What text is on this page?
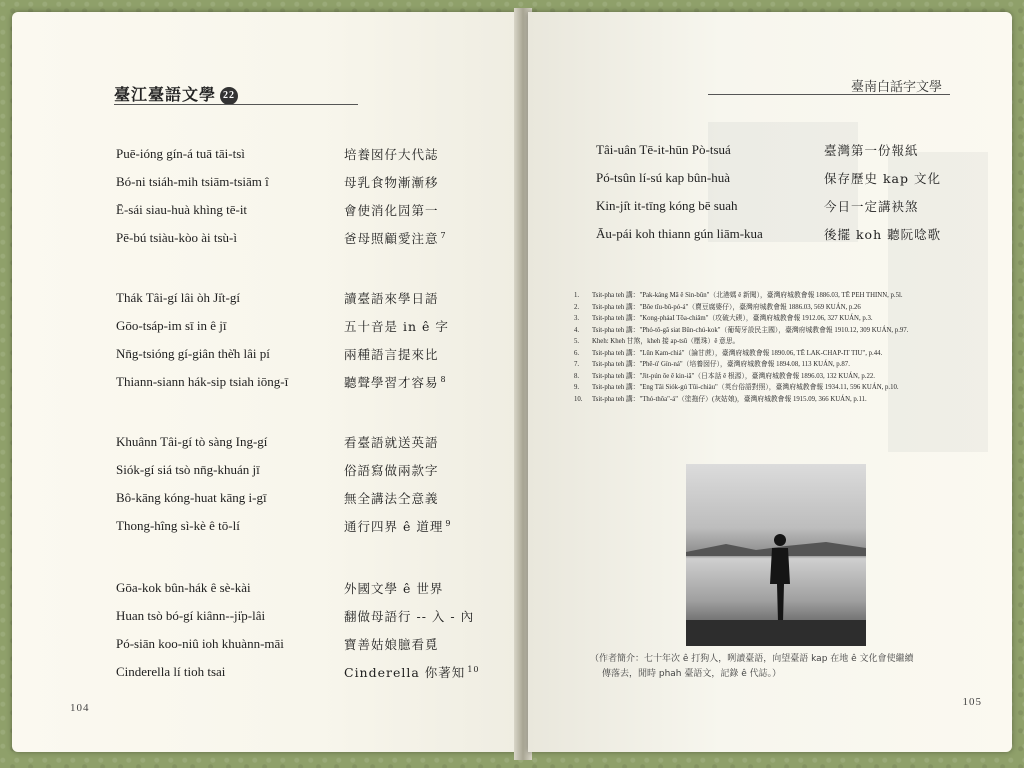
臺江臺語文學 22
Puē-ióng gín-á tuā tāi-tsì	培養囡仔大代誌
Bó-ni tsiáh-mih tsiām-tsiām î	母乳食物漸漸移
Ē-sái siau-huà khìng tē-it	會使消化囥第一
Pē-bú tsiàu-kòo ài tsù-ì	爸母照顧愛注意 $^7$
Thák Tâi-gí lâi òh Ji̍t-gí	讀臺語來學日語
Gōo-tsáp-im sī in ê jī	五十音是 in ê 字
Nn̄g-tsióng gí-giân thè̍h lâi pí	兩種語言提來比
Thiann-siann hák-sip tsiah iōng-ī	聽聲學習才容易 $^8$
Khuânn Tâi-gí tò sàng Ing-gí	看臺語就送英語
Siók-gí siá tsò nn̄g-khuán jī	俗語寫做兩款字
Bô-kāng kóng-huat kāng i-gī	無全講法仝意義
Thong-hîng sì-kè ê tō-lí	通行四界 ê 道理 $^9$
Gōa-kok bûn-hák ê sè-kài	外國文學 ê 世界
Huan tsò bó-gí kiânn--ji̍p-lâi	翻做母語行 -- 入 - 內
Pó-siān koo-niû ioh khuànn-māi	寶善姑娘臆看覓
Cinderella lí tioh tsai	Cinderella 你著知 $^{10}$
104
臺南白話字文學
Tâi-uân Tē-it-hūn Pò-tsuá	臺灣第一份報紙
Pó-tsûn lí-sú kap bûn-huà	保存歷史 kap 文化
Kin-ji̍t it-tīng kóng bē suah	今日一定講袂煞
Āu-pái koh thiann gún liām-kua	後擺 koh 聽阮唸歌
1.	Tsit-pha teh 講："Pak-káng Mā ê Sin-bûn"（北港媽 ê 新聞），臺灣府城教會報 1886.03, TĒ PEH THINN, p.5l.
2.	Tsit-pha teh 講："Bôe tîu-bû-pó-á"（賣豆腐婆仔），臺灣府城教會報 1886.03, 569 KUÁN, p.26
3.	Tsit-pha teh 講："Kong-pháaI Tōa-chiâm"（攻破大碶），臺灣府城教會報 1912.06, 327 KUÁN, p.3.
4.	Tsit-pha teh 講："Phó-tô-gâ siat Bûn-chú-kok"（葡萄牙設民主國），臺灣府城教會報 1910.12, 309 KUÁN, p.97.
5.	Kheh: Kheh 甘煞，kheh 接 ap-tsû（壓珠）ê 意思。
6.	Tsit-pha teh 講："Lūn Kam-chiá"（論甘蔗），臺灣府城教會報 1890.06, TĒ LAK-CHAP-IT TIU", p.44.
7.	Tsit-pha teh 講："Phē-ú' Gín-ná"（培養囡仔），臺灣府城教會報 1894.08, 113 KUÁN, p.87.
8.	Tsit-pha teh 講："Jit-pún ōe ê kin-iā"（日本話 ê 根源），臺灣府城教會報 1896.03, 132 KUÁN, p.22.
9.	Tsit-pha teh 講："Eng Tâi Siók-gú Tūi-chiàu"（英台俗語對照），臺灣府城教會報 1934.11, 596 KUÁN, p.10.
10.	Tsit-pha teh 講："Thó-thôa"-á"（塗拖仔）(灰姑娘)，臺灣府城教會報 1915.09, 366 KUÁN, p.11.
（作者簡介：七十年次 ê 打狗人，咧讀臺語，向望臺語 kap 在地 ê 文化會使繼續
傳落去，閒時 phah 臺語文，記錄 ê 代誌。）
105
